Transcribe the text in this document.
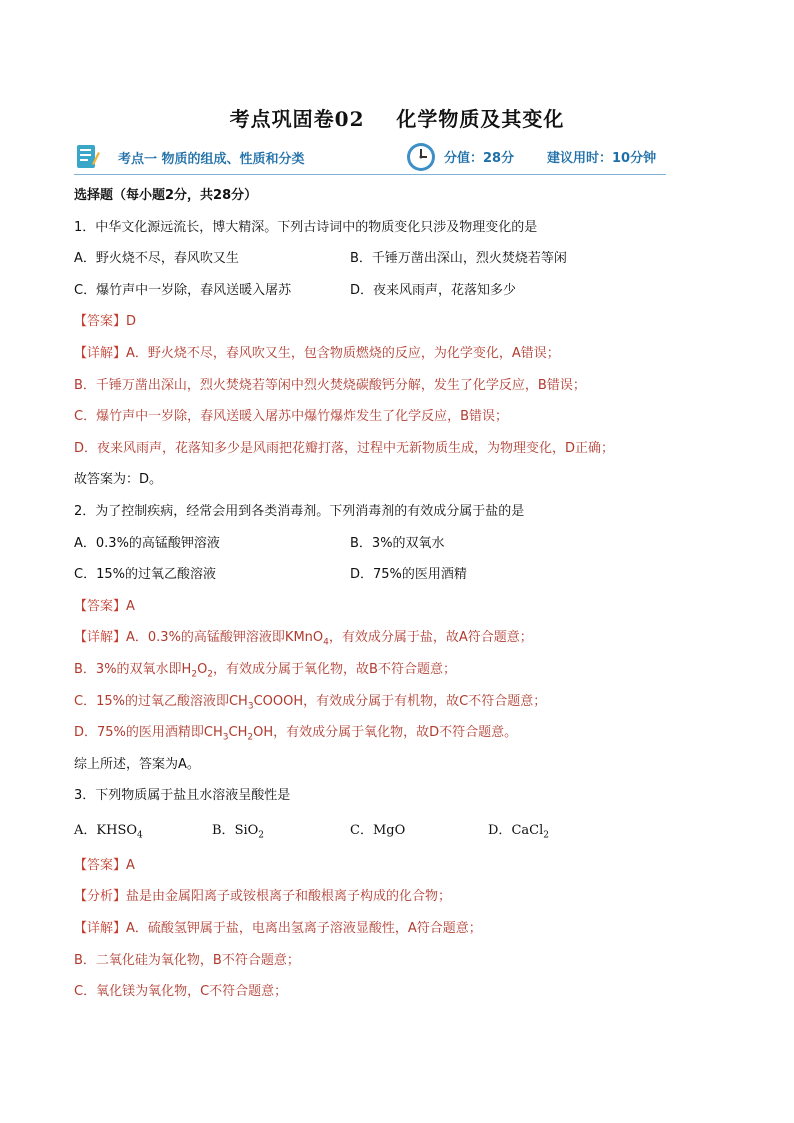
考点巩固卷02    化学物质及其变化
考点一 物质的组成、性质和分类	分值：28分	建议用时：10分钟
选择题（每小题2分，共28分）
1．中华文化源远流长，博大精深。下列古诗词中的物质变化只涉及物理变化的是
A．野火烧不尽，春风吹又生	B．千锤万凿出深山，烈火焚烧若等闲
C．爆竹声中一岁除，春风送暖入屠苏	D．夜来风雨声，花落知多少
【答案】D
【详解】A．野火烧不尽，春风吹又生，包含物质燃烧的反应，为化学变化，A错误；
B．千锤万凿出深山，烈火焚烧若等闲中烈火焚烧碳酸钙分解，发生了化学反应，B错误；
C．爆竹声中一岁除，春风送暖入屠苏中爆竹爆炸发生了化学反应，B错误；
D．夜来风雨声，花落知多少是风雨把花瓣打落，过程中无新物质生成，为物理变化，D正确；
故答案为：D。
2．为了控制疾病，经常会用到各类消毒剂。下列消毒剂的有效成分属于盐的是
A．0.3%的高锰酸钾溶液	B．3%的双氧水
C．15%的过氧乙酸溶液	D．75%的医用酒精
【答案】A
【详解】A．0.3%的高锰酸钾溶液即KMnO$_4$，有效成分属于盐，故A符合题意；
B．3%的双氧水即$H_2O_2$，有效成分属于氧化物，故B不符合题意；
C．15%的过氧乙酸溶液即$CH_3COOOH$，有效成分属于有机物，故C不符合题意；
D．75%的医用酒精即$CH_3CH_2OH$，有效成分属于氧化物，故D不符合题意。
综上所述，答案为A。
3．下列物质属于盐且水溶液呈酸性是
A．$KHSO_4$	B．SiO$_2$	C．MgO	D．CaCl$_2$
【答案】A
【分析】盐是由金属阳离子或铵根离子和酸根离子构成的化合物；
【详解】A．硫酸氢钾属于盐，电离出氢离子溶液显酸性，A符合题意；
B．二氧化硅为氧化物，B不符合题意；
C．氧化镁为氧化物，C不符合题意；
